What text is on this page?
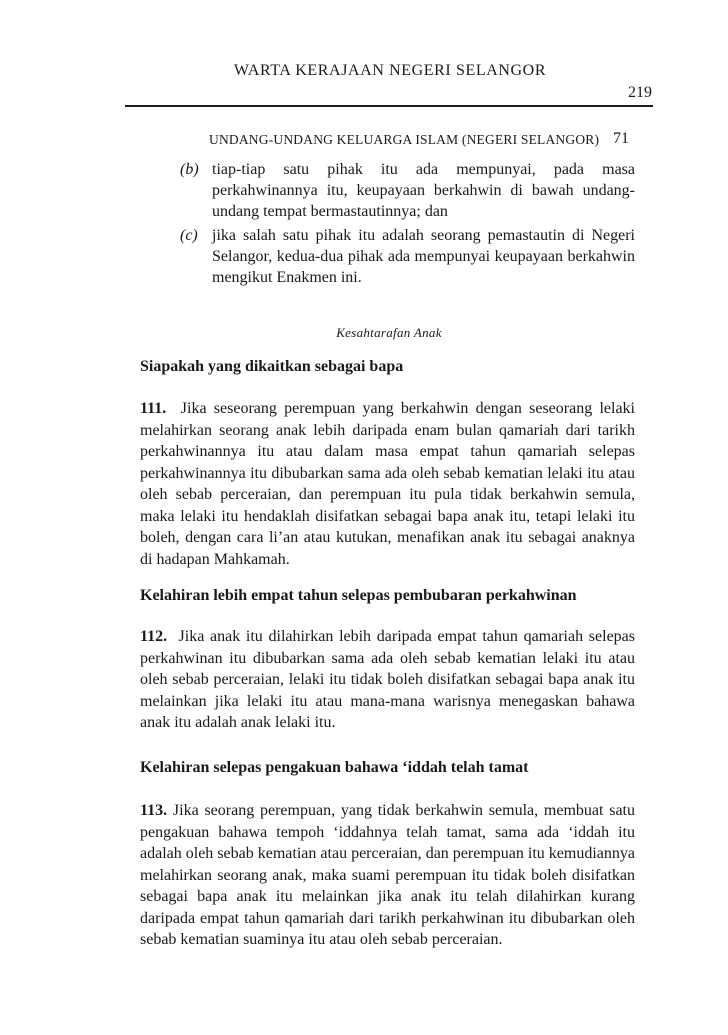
WARTA KERAJAAN NEGERI SELANGOR
219
UNDANG-UNDANG KELUARGA ISLAM (NEGERI SELANGOR) 71
(b) tiap-tiap satu pihak itu ada mempunyai, pada masa perkahwinannya itu, keupayaan berkahwin di bawah undang-undang tempat bermastautinnya; dan
(c) jika salah satu pihak itu adalah seorang pemastautin di Negeri Selangor, kedua-dua pihak ada mempunyai keupayaan berkahwin mengikut Enakmen ini.
Kesahtarafan Anak
Siapakah yang dikaitkan sebagai bapa
111. Jika seseorang perempuan yang berkahwin dengan seseorang lelaki melahirkan seorang anak lebih daripada enam bulan qamariah dari tarikh perkahwinannya itu atau dalam masa empat tahun qamariah selepas perkahwinannya itu dibubarkan sama ada oleh sebab kematian lelaki itu atau oleh sebab perceraian, dan perempuan itu pula tidak berkahwin semula, maka lelaki itu hendaklah disifatkan sebagai bapa anak itu, tetapi lelaki itu boleh, dengan cara li’an atau kutukan, menafikan anak itu sebagai anaknya di hadapan Mahkamah.
Kelahiran lebih empat tahun selepas pembubaran perkahwinan
112. Jika anak itu dilahirkan lebih daripada empat tahun qamariah selepas perkahwinan itu dibubarkan sama ada oleh sebab kematian lelaki itu atau oleh sebab perceraian, lelaki itu tidak boleh disifatkan sebagai bapa anak itu melainkan jika lelaki itu atau mana-mana warisnya menegaskan bahawa anak itu adalah anak lelaki itu.
Kelahiran selepas pengakuan bahawa ‘iddah telah tamat
113. Jika seorang perempuan, yang tidak berkahwin semula, membuat satu pengakuan bahawa tempoh ‘iddahnya telah tamat, sama ada ‘iddah itu adalah oleh sebab kematian atau perceraian, dan perempuan itu kemudiannya melahirkan seorang anak, maka suami perempuan itu tidak boleh disifatkan sebagai bapa anak itu melainkan jika anak itu telah dilahirkan kurang daripada empat tahun qamariah dari tarikh perkahwinan itu dibubarkan oleh sebab kematian suaminya itu atau oleh sebab perceraian.
